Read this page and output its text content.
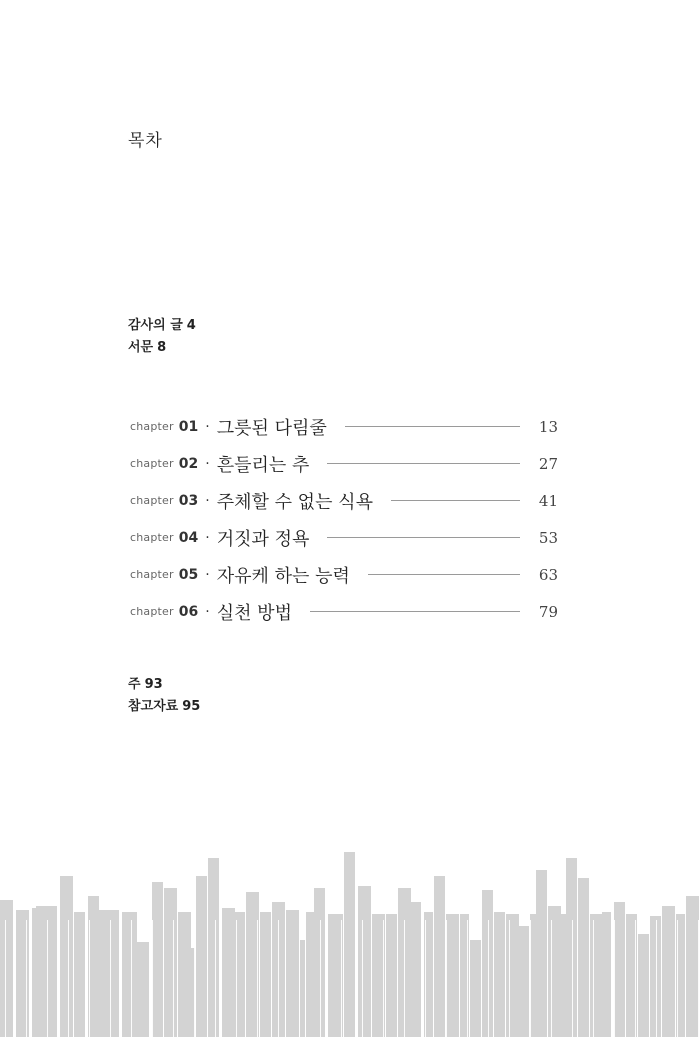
목차
감사의 글 4
서문 8
chapter 01 · 그릇된 다림줄	13
chapter 02 · 흔들리는 추	27
chapter 03 · 주체할 수 없는 식욕	41
chapter 04 · 거짓과 정욕	53
chapter 05 · 자유케 하는 능력	63
chapter 06 · 실천 방법	79
주 93
참고자료 95
